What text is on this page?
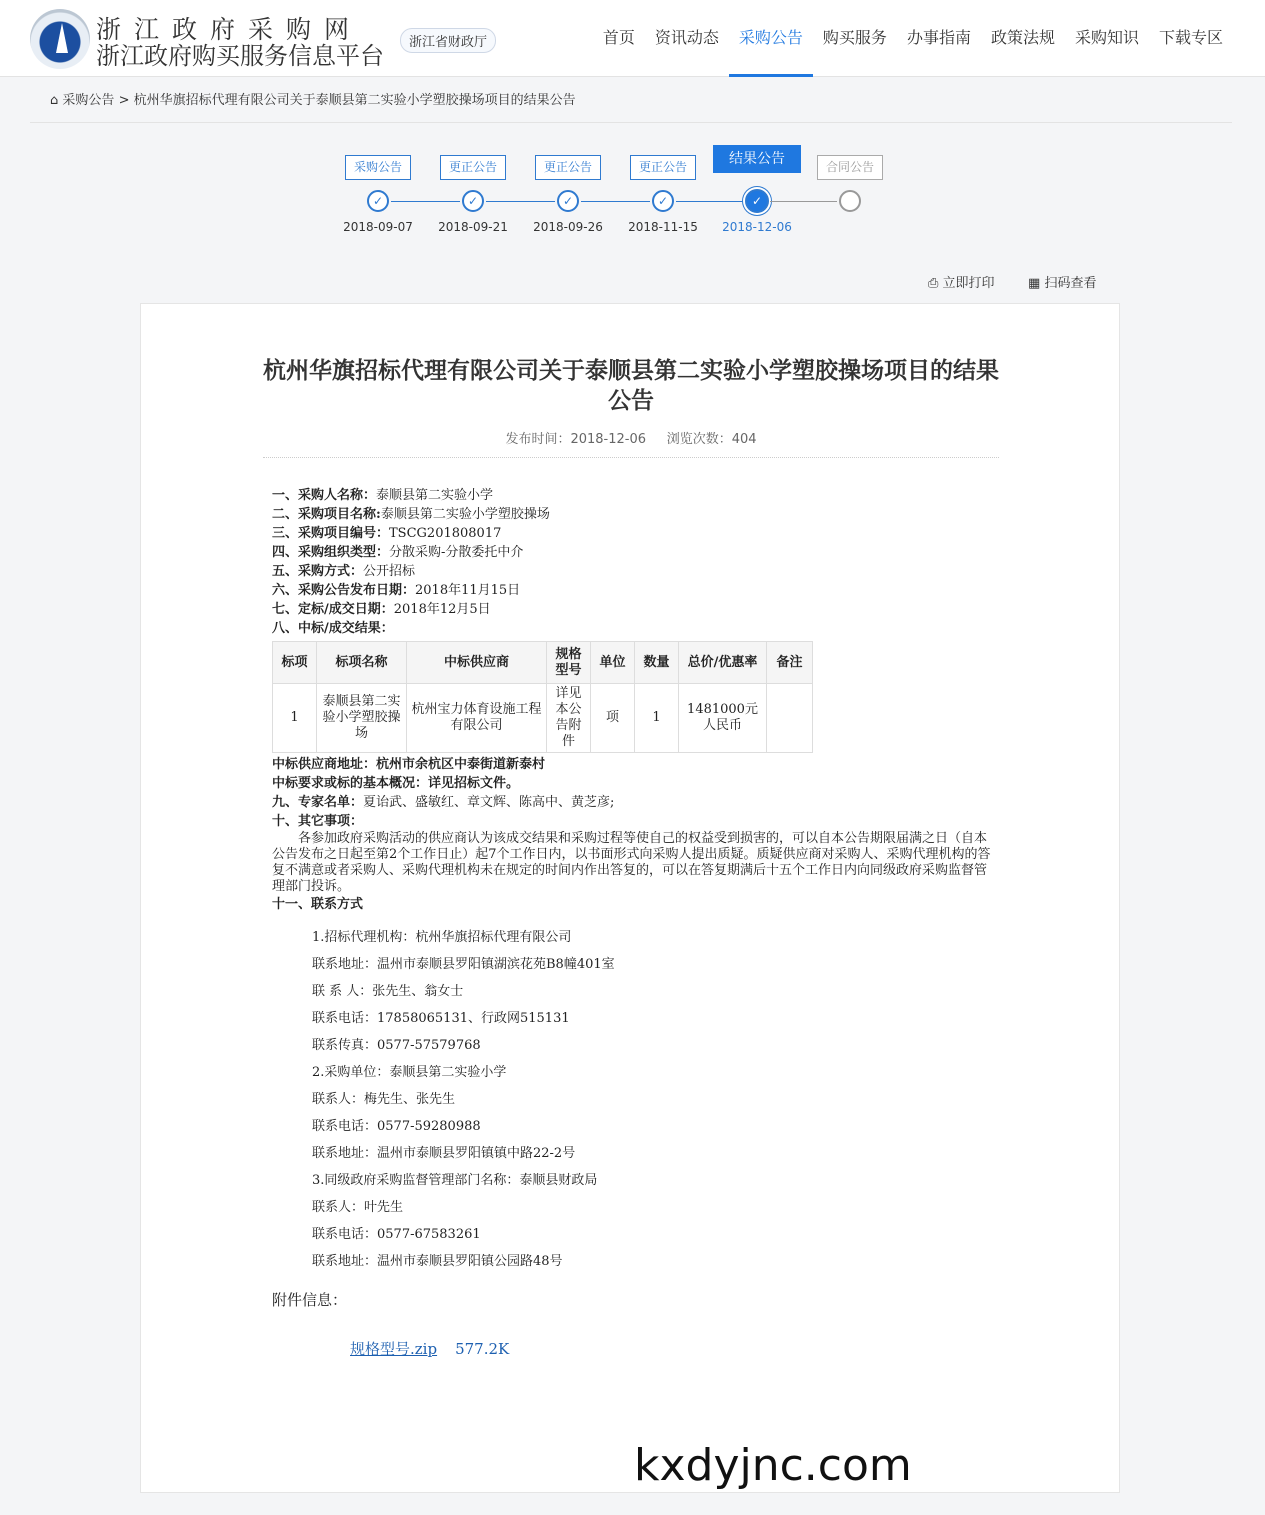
浙江政府采购网
浙江政府购买服务信息平台	浙江省财政厅	首页	资讯动态	采购公告	购买服务	办事指南	政策法规	采购知识	下载专区
⌂ 采购公告 > 杭州华旗招标代理有限公司关于泰顺县第二实验小学塑胶操场项目的结果公告
采购公告
✓
2018-09-07
更正公告
✓
2018-09-21
更正公告
✓
2018-09-26
更正公告
✓
2018-11-15
结果公告
✓
2018-12-06
合同公告
⎙ 立即打印	▦ 扫码查看
杭州华旗招标代理有限公司关于泰顺县第二实验小学塑胶操场项目的结果公告
发布时间：2018-12-06 浏览次数：404
一、采购人名称：泰顺县第二实验小学
二、采购项目名称:泰顺县第二实验小学塑胶操场
三、采购项目编号：TSCG201808017
四、采购组织类型：分散采购-分散委托中介
五、采购方式：公开招标
六、采购公告发布日期：2018年11月15日
七、定标/成交日期：2018年12月5日
八、中标/成交结果：
标项	标项名称	中标供应商	规格型号	单位	数量	总价/优惠率	备注
1	泰顺县第二实验小学塑胶操场	杭州宝力体育设施工程有限公司	详见本公告附件	项	1	1481000元人民币	
中标供应商地址：杭州市余杭区中泰街道新泰村
中标要求或标的基本概况：详见招标文件。
九、专家名单：夏诒武、盛敏红、章文辉、陈高中、黄芝彦;
十、其它事项：
各参加政府采购活动的供应商认为该成交结果和采购过程等使自己的权益受到损害的，可以自本公告期限届满之日（自本公告发布之日起至第2个工作日止）起7个工作日内，以书面形式向采购人提出质疑。质疑供应商对采购人、采购代理机构的答复不满意或者采购人、采购代理机构未在规定的时间内作出答复的，可以在答复期满后十五个工作日内向同级政府采购监督管理部门投诉。
十一、联系方式
1.招标代理机构：杭州华旗招标代理有限公司
联系地址：温州市泰顺县罗阳镇湖滨花苑B8幢401室
联 系 人：张先生、翁女士
联系电话：17858065131、行政网515131
联系传真：0577-57579768
2.采购单位：泰顺县第二实验小学
联系人：梅先生、张先生
联系电话：0577-59280988
联系地址：温州市泰顺县罗阳镇镇中路22-2号
3.同级政府采购监督管理部门名称：泰顺县财政局
联系人：叶先生
联系电话：0577-67583261
联系地址：温州市泰顺县罗阳镇公园路48号
附件信息：
规格型号.zip 577.2K
kxdyjnc.com
